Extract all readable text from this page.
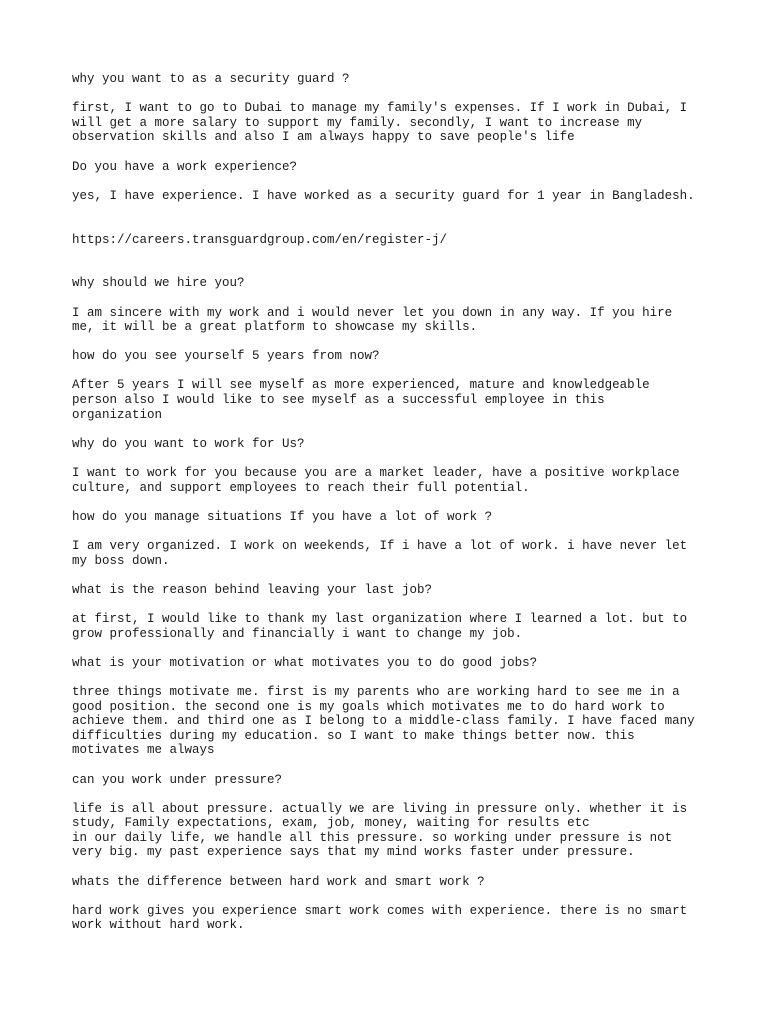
why you want to as a security guard ?
first, I want to go to Dubai to manage my family's expenses. If I work in Dubai, I
will get a more salary to support my family. secondly, I want to increase my
observation skills and also I am always happy to save people's life
Do you have a work experience?
yes, I have experience. I have worked as a security guard for 1 year in Bangladesh.
https://careers.transguardgroup.com/en/register-j/
why should we hire you?
I am sincere with my work and i would never let you down in any way. If you hire
me, it will be a great platform to showcase my skills.
how do you see yourself 5 years from now?
After 5 years I will see myself as more experienced, mature and knowledgeable
person also I would like to see myself as a successful employee in this
organization
why do you want to work for Us?
I want to work for you because you are a market leader, have a positive workplace
culture, and support employees to reach their full potential.
how do you manage situations If you have a lot of work ?
I am very organized. I work on weekends, If i have a lot of work. i have never let
my boss down.
what is the reason behind leaving your last job?
at first, I would like to thank my last organization where I learned a lot. but to
grow professionally and financially i want to change my job.
what is your motivation or what motivates you to do good jobs?
three things motivate me. first is my parents who are working hard to see me in a
good position. the second one is my goals which motivates me to do hard work to
achieve them. and third one as I belong to a middle-class family. I have faced many
difficulties during my education. so I want to make things better now. this
motivates me always
can you work under pressure?
life is all about pressure. actually we are living in pressure only. whether it is
study, Family expectations, exam, job, money, waiting for results etc
in our daily life, we handle all this pressure. so working under pressure is not
very big. my past experience says that my mind works faster under pressure.
whats the difference between hard work and smart work ?
hard work gives you experience smart work comes with experience. there is no smart
work without hard work.
